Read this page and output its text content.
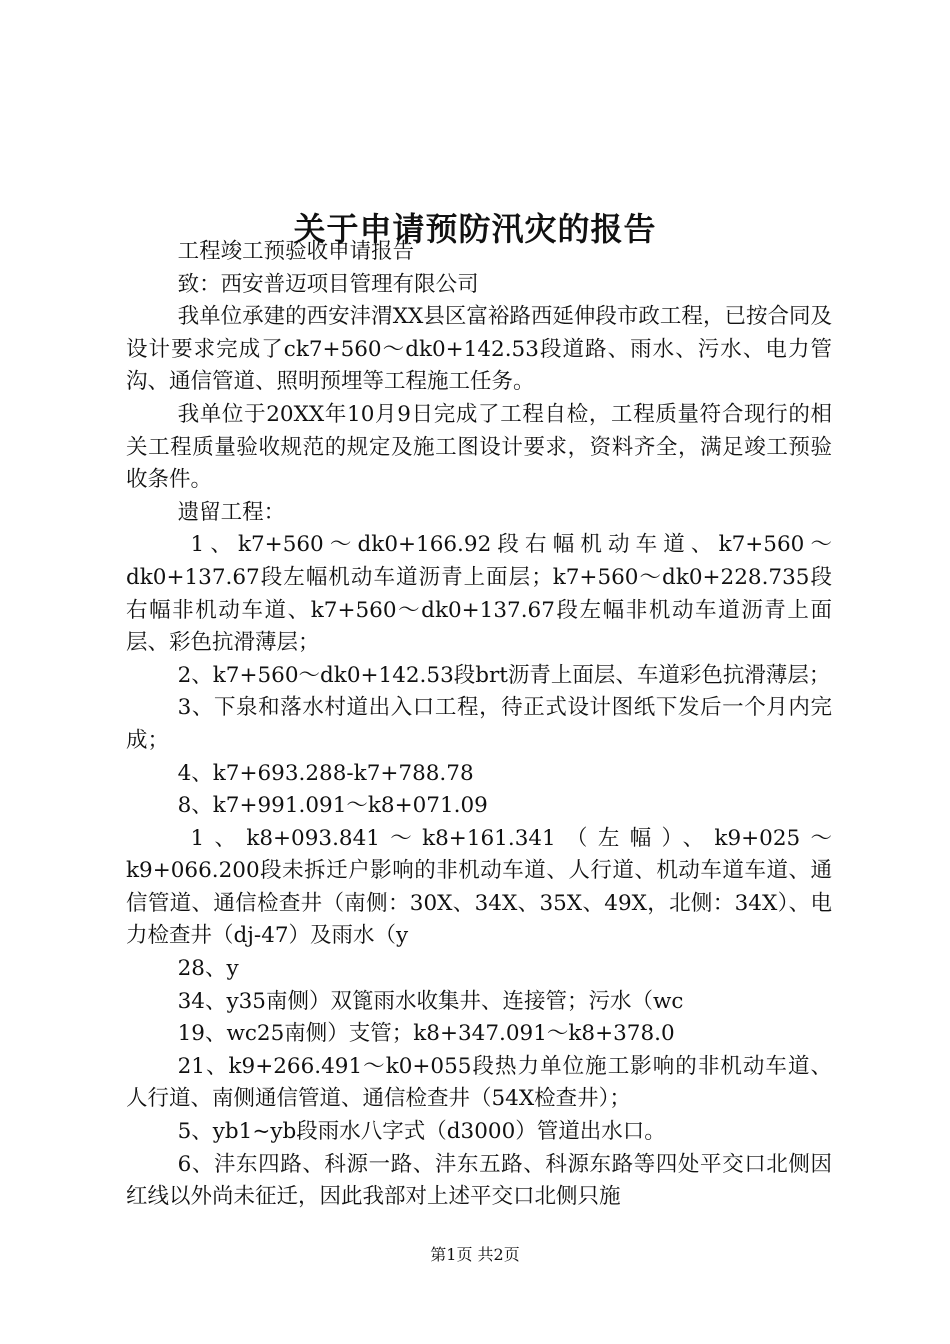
关于申请预防汛灾的报告

工程竣工预验收申请报告

致：西安普迈项目管理有限公司

我单位承建的西安沣渭XX县区富裕路西延伸段市政工程，已按合同及设计要求完成了ck7+560～dk0+142.53段道路、雨水、污水、电力管沟、通信管道、照明预埋等工程施工任务。

我单位于20XX年10月9日完成了工程自检，工程质量符合现行的相关工程质量验收规范的规定及施工图设计要求，资料齐全，满足竣工预验收条件。

遗留工程：

1、k7+560～dk0+166.92段右幅机动车道、k7+560～dk0+137.67段左幅机动车道沥青上面层；k7+560～dk0+228.735段右幅非机动车道、k7+560～dk0+137.67段左幅非机动车道沥青上面层、彩色抗滑薄层；

2、k7+560～dk0+142.53段brt沥青上面层、车道彩色抗滑薄层；

3、下泉和落水村道出入口工程，待正式设计图纸下发后一个月内完成；

4、k7+693.288-k7+788.78

8、k7+991.091～k8+071.09

1、k8+093.841～k8+161.341（左幅）、k9+025～k9+066.200段未拆迁户影响的非机动车道、人行道、机动车道车道、通信管道、通信检查井（南侧：30X、34X、35X、49X，北侧：34X）、电力检查井（dj-47）及雨水（y

28、y

34、y35南侧）双篦雨水收集井、连接管；污水（wc

19、wc25南侧）支管；k8+347.091～k8+378.0

21、k9+266.491～k0+055段热力单位施工影响的非机动车道、人行道、南侧通信管道、通信检查井（54X检查井）；

5、yb1~yb段雨水八字式（d3000）管道出水口。

6、沣东四路、科源一路、沣东五路、科源东路等四处平交口北侧因红线以外尚未征迁，因此我部对上述平交口北侧只施

第1页 共2页
